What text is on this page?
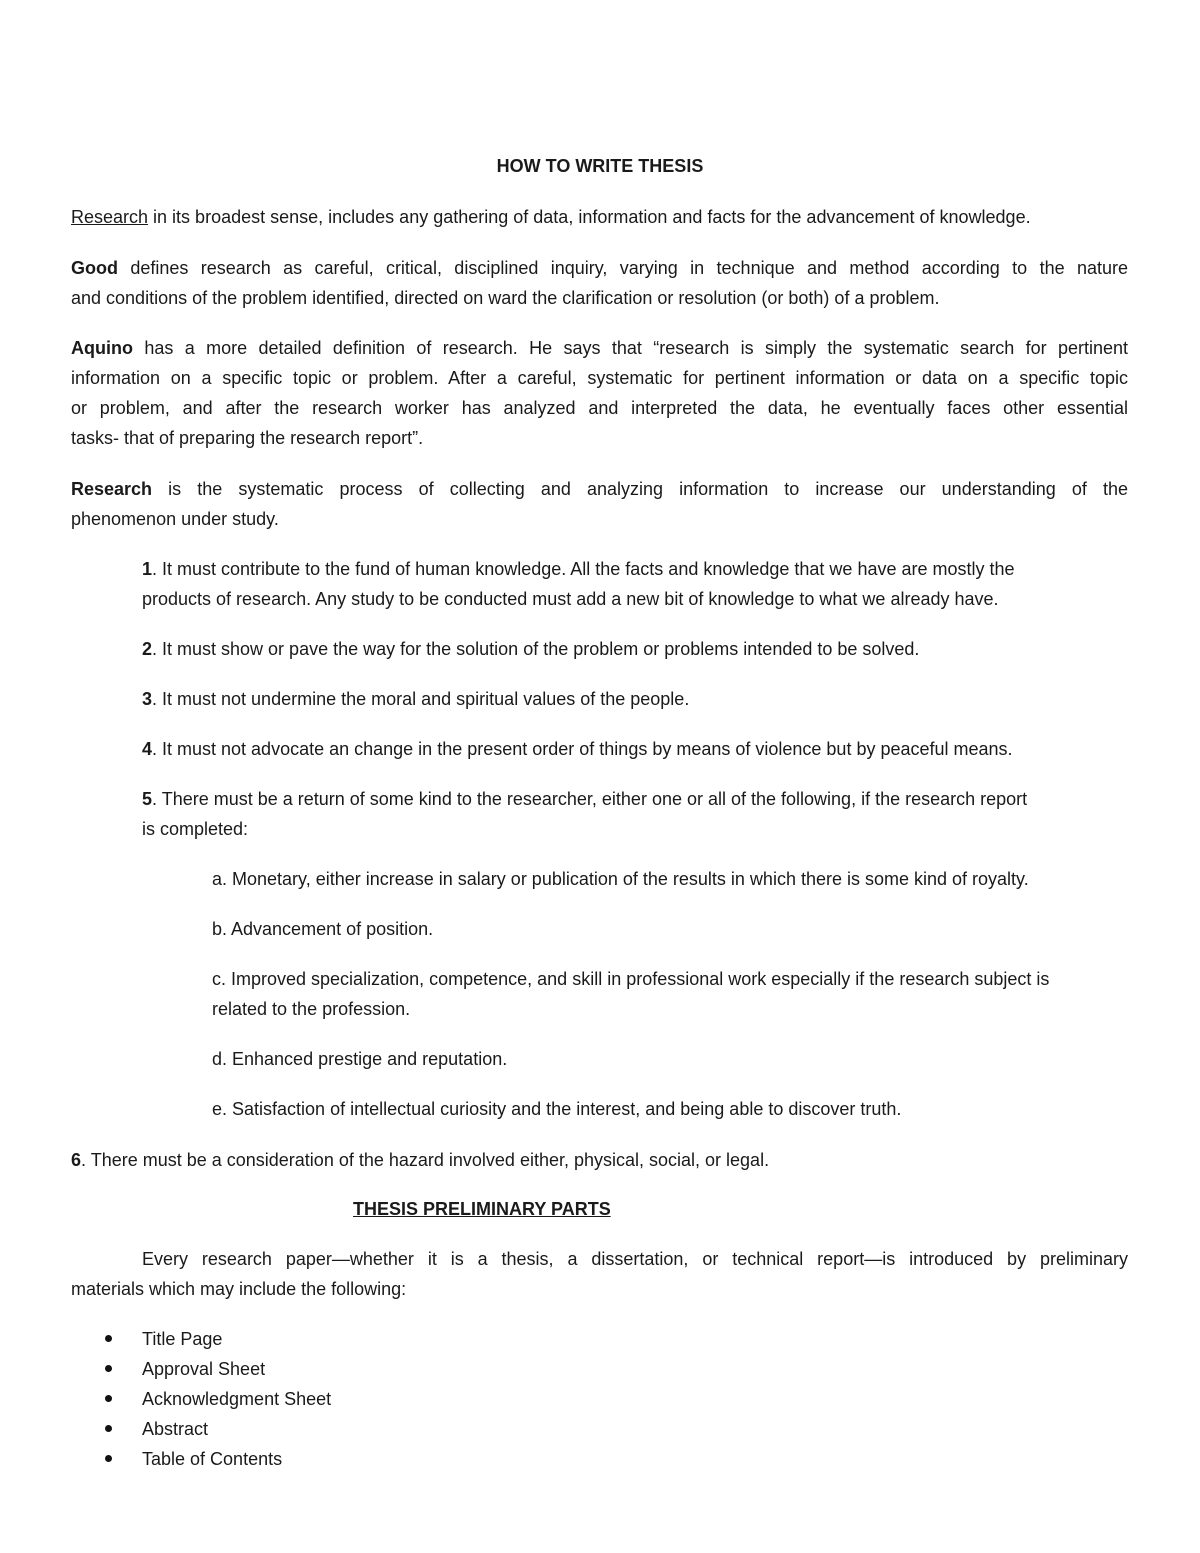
HOW TO WRITE THESIS
Research in its broadest sense, includes any gathering of data, information and facts for the advancement of knowledge.
Good defines research as careful, critical, disciplined inquiry, varying in technique and method according to the nature
and conditions of the problem identified, directed on ward the clarification or resolution (or both) of a problem.
Aquino has a more detailed definition of research. He says that “research is simply the systematic search for pertinent
information on a specific topic or problem. After a careful, systematic for pertinent information or data on a specific topic
or problem, and after the research worker has analyzed and interpreted the data, he eventually faces other essential
tasks- that of preparing the research report”.
Research is the systematic process of collecting and analyzing information to increase our understanding of the
phenomenon under study.
1. It must contribute to the fund of human knowledge. All the facts and knowledge that we have are mostly the
products of research. Any study to be conducted must add a new bit of knowledge to what we already have.
2. It must show or pave the way for the solution of the problem or problems intended to be solved.
3. It must not undermine the moral and spiritual values of the people.
4. It must not advocate an change in the present order of things by means of violence but by peaceful means.
5. There must be a return of some kind to the researcher, either one or all of the following, if the research report
is completed:
a. Monetary, either increase in salary or publication of the results in which there is some kind of royalty.
b. Advancement of position.
c. Improved specialization, competence, and skill in professional work especially if the research subject is
related to the profession.
d. Enhanced prestige and reputation.
e. Satisfaction of intellectual curiosity and the interest, and being able to discover truth.
6. There must be a consideration of the hazard involved either, physical, social, or legal.
THESIS PRELIMINARY PARTS
Every research paper—whether it is a thesis, a dissertation, or technical report—is introduced by preliminary
materials which may include the following:
Title Page
Approval Sheet
Acknowledgment Sheet
Abstract
Table of Contents
